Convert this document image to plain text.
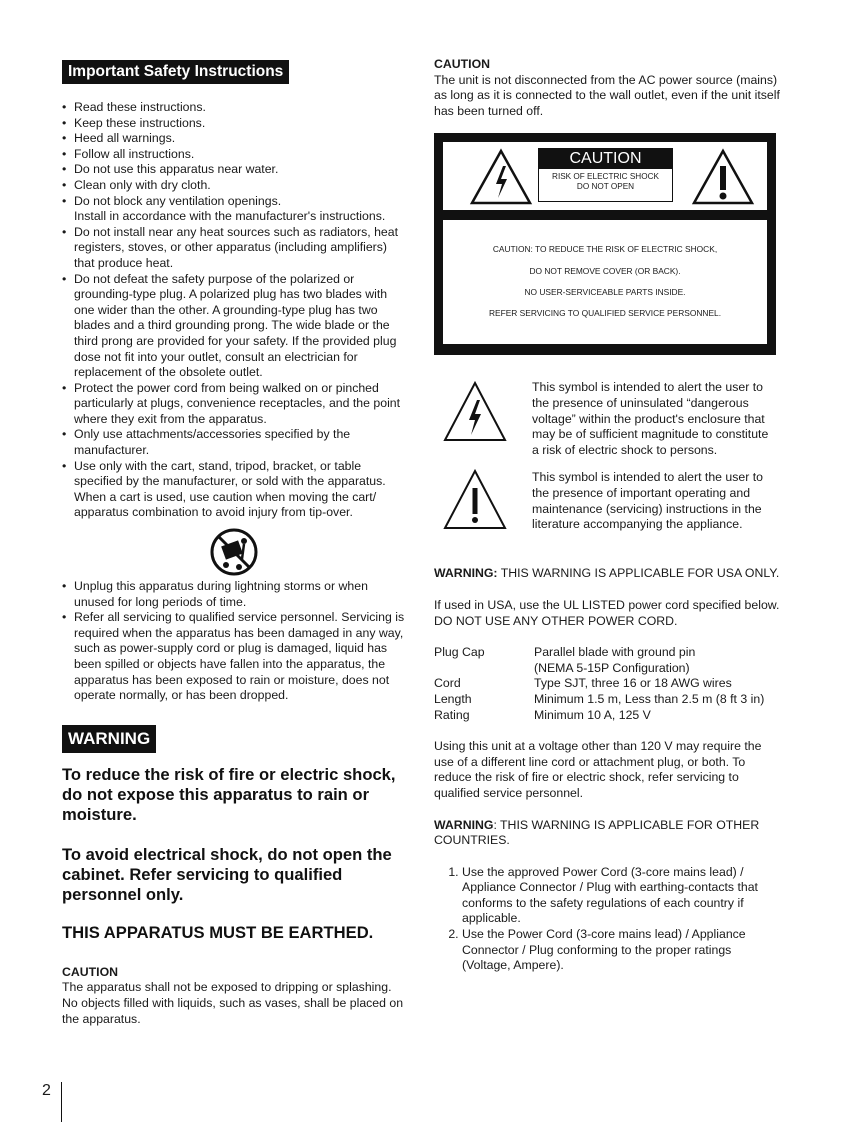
Important Safety Instructions
• Read these instructions.
• Keep these instructions.
• Heed all warnings.
• Follow all instructions.
• Do not use this apparatus near water.
• Clean only with dry cloth.
• Do not block any ventilation openings.
Install in accordance with the manufacturer's instructions.
• Do not install near any heat sources such as radiators, heat registers, stoves, or other apparatus (including amplifiers) that produce heat.
• Do not defeat the safety purpose of the polarized or grounding-type plug. A polarized plug has two blades with one wider than the other. A grounding-type plug has two blades and a third grounding prong. The wide blade or the third prong are provided for your safety. If the provided plug dose not fit into your outlet, consult an electrician for replacement of the obsolete outlet.
• Protect the power cord from being walked on or pinched particularly at plugs, convenience receptacles, and the point where they exit from the apparatus.
• Only use attachments/accessories specified by the manufacturer.
• Use only with the cart, stand, tripod, bracket, or table specified by the manufacturer, or sold with the apparatus. When a cart is used, use caution when moving the cart/ apparatus combination to avoid injury from tip-over.
• Unplug this apparatus during lightning storms or when unused for long periods of time.
• Refer all servicing to qualified service personnel. Servicing is required when the apparatus has been damaged in any way, such as power-supply cord or plug is damaged, liquid has been spilled or objects have fallen into the apparatus, the apparatus has been exposed to rain or moisture, does not operate normally, or has been dropped.
WARNING
To reduce the risk of fire or electric shock, do not expose this apparatus to rain or moisture.
To avoid electrical shock, do not open the cabinet. Refer servicing to qualified personnel only.
THIS APPARATUS MUST BE EARTHED.
CAUTION
The apparatus shall not be exposed to dripping or splashing. No objects filled with liquids, such as vases, shall be placed on the apparatus.
CAUTION
The unit is not disconnected from the AC power source (mains) as long as it is connected to the wall outlet, even if the unit itself has been turned off.
CAUTION
RISK OF ELECTRIC SHOCK
DO NOT OPEN
CAUTION: TO REDUCE THE RISK OF ELECTRIC SHOCK,
DO NOT REMOVE COVER (OR BACK).
NO USER-SERVICEABLE PARTS INSIDE.
REFER SERVICING TO QUALIFIED SERVICE PERSONNEL.
This symbol is intended to alert the user to the presence of uninsulated “dangerous voltage” within the product's enclosure that may be of sufficient magnitude to constitute a risk of electric shock to persons.
This symbol is intended to alert the user to the presence of important operating and maintenance (servicing) instructions in the literature accompanying the appliance.
WARNING: THIS WARNING IS APPLICABLE FOR USA ONLY.
If used in USA, use the UL LISTED power cord specified below.
DO NOT USE ANY OTHER POWER CORD.
Plug Cap	Parallel blade with ground pin
	(NEMA 5-15P Configuration)
Cord	Type SJT, three 16 or 18 AWG wires
Length	Minimum 1.5 m, Less than 2.5 m (8 ft 3 in)
Rating	Minimum 10 A, 125 V
Using this unit at a voltage other than 120 V may require the use of a different line cord or attachment plug, or both. To reduce the risk of fire or electric shock, refer servicing to qualified service personnel.
WARNING: THIS WARNING IS APPLICABLE FOR OTHER COUNTRIES.
1. Use the approved Power Cord (3-core mains lead) / Appliance Connector / Plug with earthing-contacts that conforms to the safety regulations of each country if applicable.
2. Use the Power Cord (3-core mains lead) / Appliance Connector / Plug conforming to the proper ratings (Voltage, Ampere).
2
